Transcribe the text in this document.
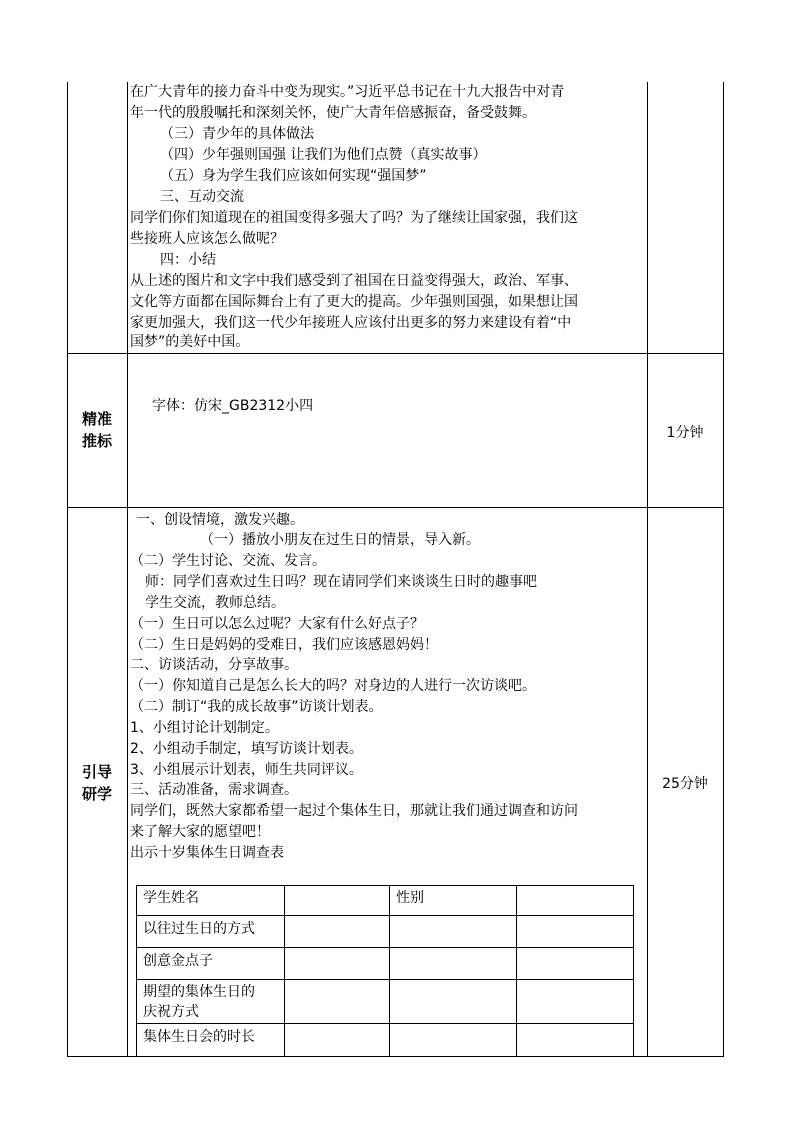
在广大青年的接力奋斗中变为现实。”习近平总书记在十九大报告中对青
年一代的殷殷嘱托和深刻关怀，使广大青年倍感振奋，备受鼓舞。
（三）青少年的具体做法
（四）少年强则国强 让我们为他们点赞（真实故事）
（五）身为学生我们应该如何实现“强国梦”
三、互动交流
同学们你们知道现在的祖国变得多强大了吗？为了继续让国家强，我们这
些接班人应该怎么做呢？
四：小结
从上述的图片和文字中我们感受到了祖国在日益变得强大，政治、军事、
文化等方面都在国际舞台上有了更大的提高。少年强则国强，如果想让国
家更加强大，我们这一代少年接班人应该付出更多的努力来建设有着“中
国梦”的美好中国。
精准
推标
字体：仿宋_GB2312小四
1分钟
引导
研学
25分钟
一、创设情境，激发兴趣。
（一）播放小朋友在过生日的情景，导入新。
（二）学生讨论、交流、发言。
师：同学们喜欢过生日吗？现在请同学们来谈谈生日时的趣事吧
学生交流，教师总结。
（一）生日可以怎么过呢？大家有什么好点子？
（二）生日是妈妈的受难日，我们应该感恩妈妈！
二、访谈活动，分享故事。
（一）你知道自己是怎么长大的吗？对身边的人进行一次访谈吧。
（二）制订“我的成长故事”访谈计划表。
1、小组讨论计划制定。
2、小组动手制定，填写访谈计划表。
3、小组展示计划表，师生共同评议。
三、活动准备，需求调查。
同学们，既然大家都希望一起过个集体生日，那就让我们通过调查和访问
来了解大家的愿望吧！
出示十岁集体生日调查表
学生姓名	性别
以往过生日的方式
创意金点子
期望的集体生日的
庆祝方式
集体生日会的时长
